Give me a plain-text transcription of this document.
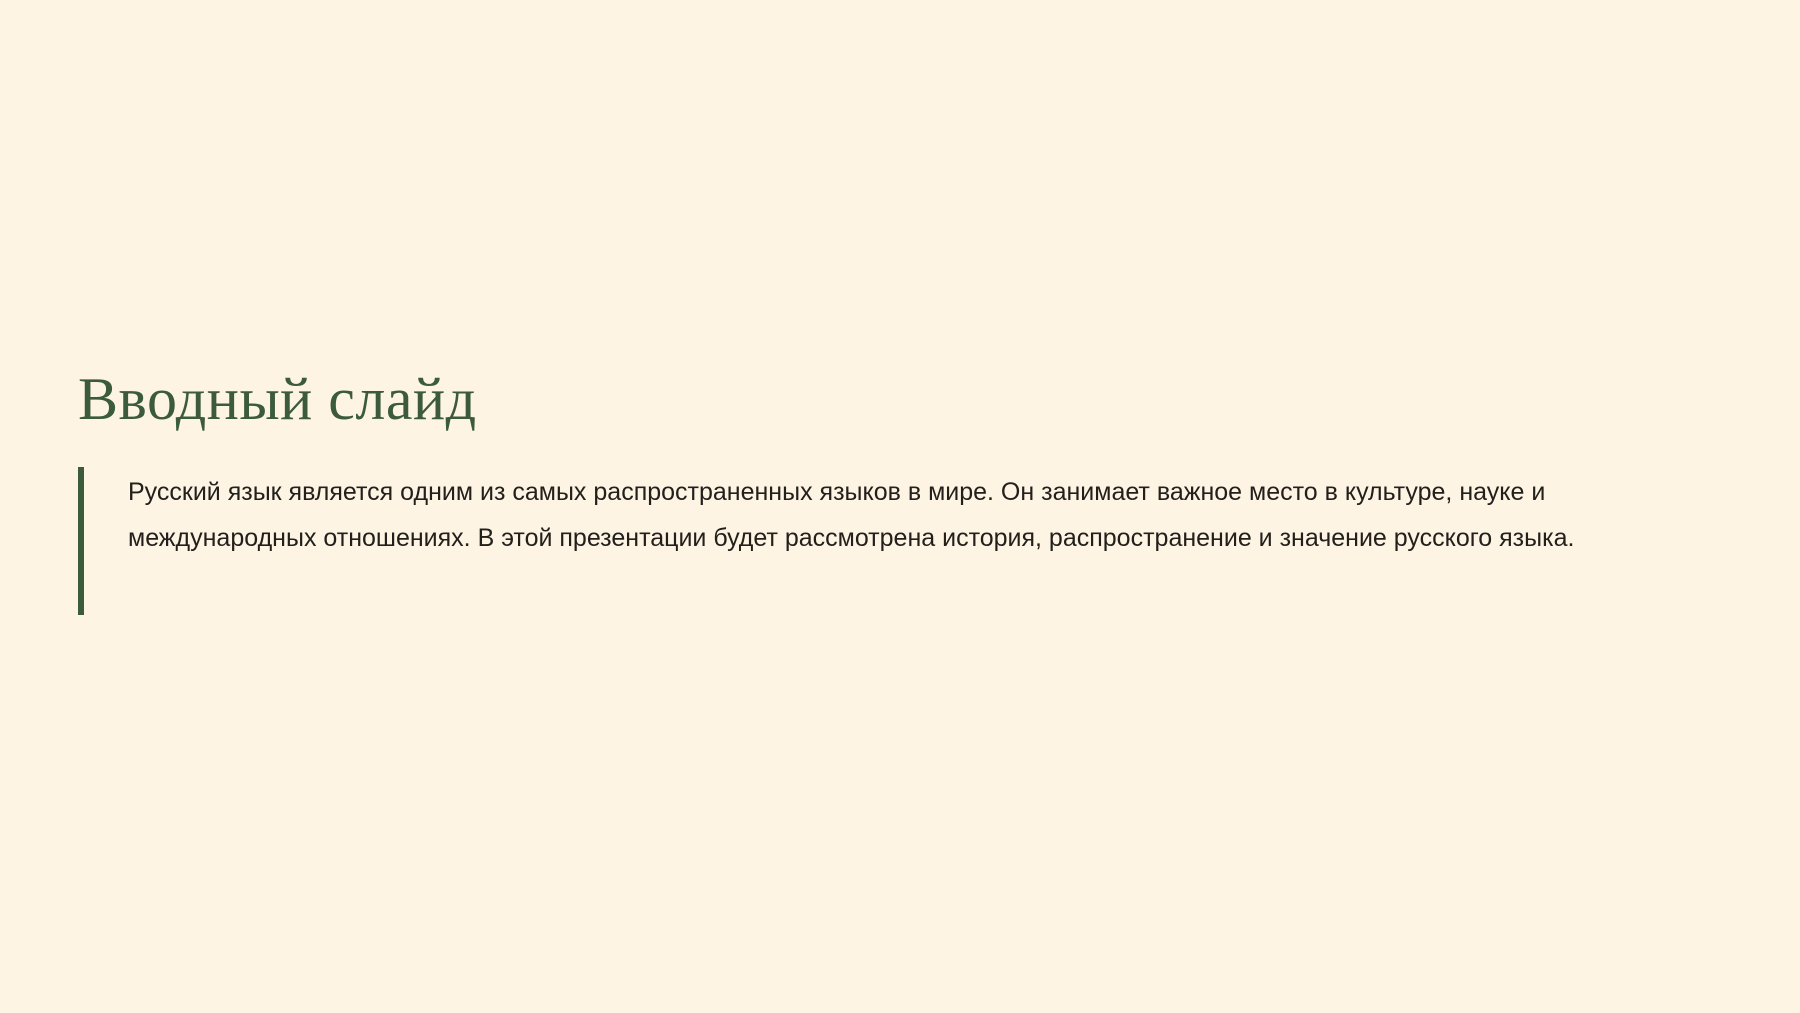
Вводный слайд

Русский язык является одним из самых распространенных языков в мире. Он занимает важное место в культуре, науке и международных отношениях. В этой презентации будет рассмотрена история, распространение и значение русского языка.
